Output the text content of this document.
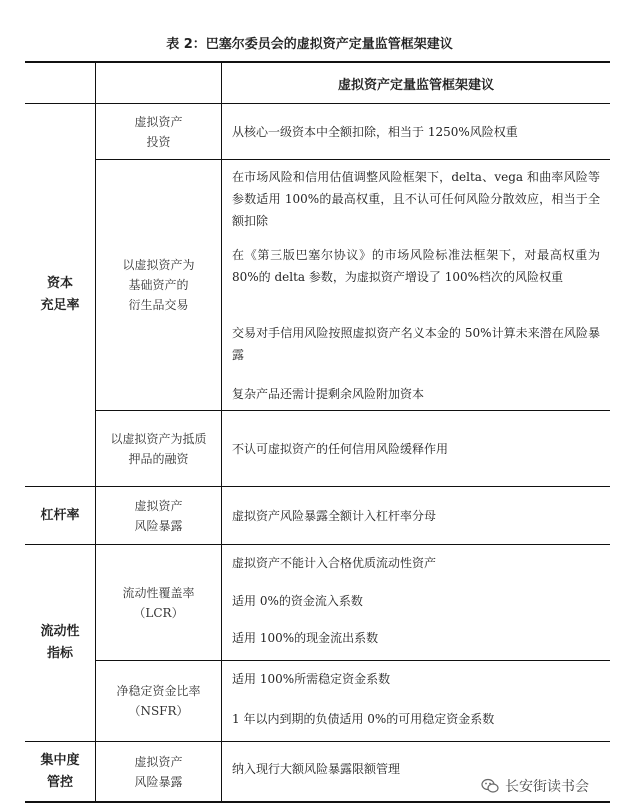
表 2：巴塞尔委员会的虚拟资产定量监管框架建议
虚拟资产定量监管框架建议
资本
充足率
杠杆率
流动性
指标
集中度
管控
虚拟资产
投资
以虚拟资产为
基础资产的
衍生品交易
以虚拟资产为抵质
押品的融资
虚拟资产
风险暴露
流动性覆盖率
（LCR）
净稳定资金比率
（NSFR）
虚拟资产
风险暴露

从核心一级资本中全额扣除，相当于 1250%风险权重

在市场风险和信用估值调整风险框架下，delta、vega 和曲率风险等参数适用 100%的最高权重，且不认可任何风险分散效应，相当于全额扣除

在《第三版巴塞尔协议》的市场风险标准法框架下，对最高权重为 80%的 delta 参数，为虚拟资产增设了 100%档次的风险权重

交易对手信用风险按照虚拟资产名义本金的 50%计算未来潜在风险暴露

复杂产品还需计提剩余风险附加资本

不认可虚拟资产的任何信用风险缓释作用

虚拟资产风险暴露全额计入杠杆率分母

虚拟资产不能计入合格优质流动性资产

适用 0%的资金流入系数

适用 100%的现金流出系数

适用 100%所需稳定资金系数

1 年以内到期的负债适用 0%的可用稳定资金系数

纳入现行大额风险暴露限额管理

长安街读书会
